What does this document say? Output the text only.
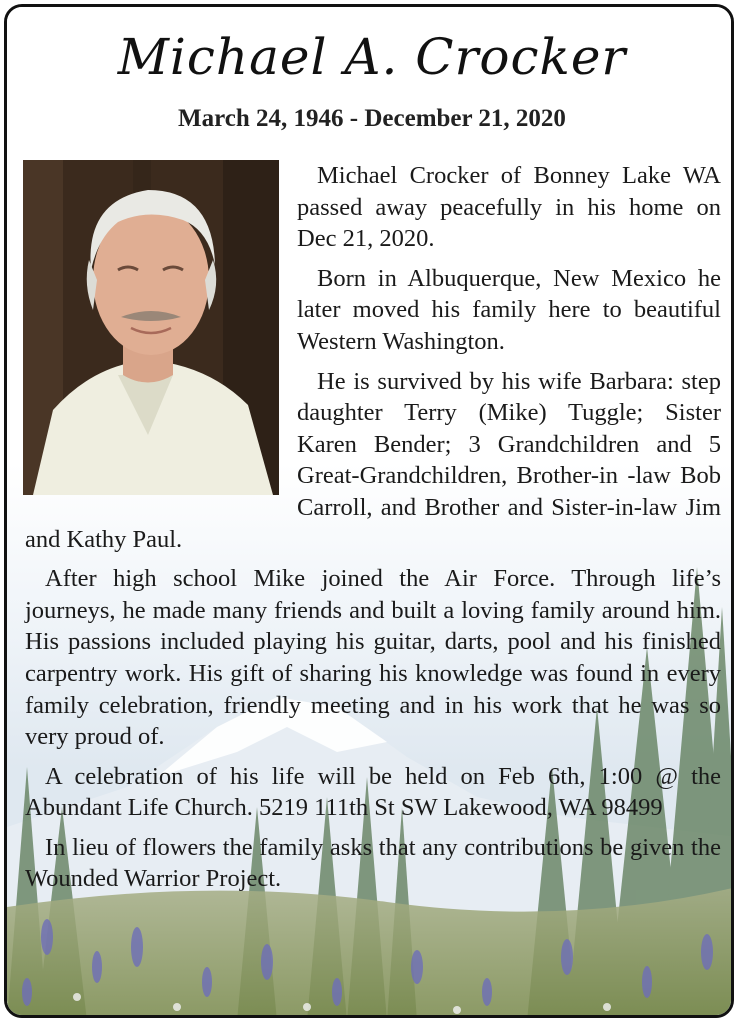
Michael A. Crocker
March 24, 1946 - December 21, 2020

Michael Crocker of Bonney Lake WA passed away peacefully in his home on Dec 21, 2020.

Born in Albuquerque, New Mexico he later moved his family here to beautiful Western Washington.

He is survived by his wife Barbara: step daughter Terry (Mike) Tuggle; Sister Karen Bender; 3 Grandchildren and 5 Great-Grandchildren, Brother-in -law Bob Carroll, and Brother and Sister-in-law Jim and Kathy Paul.

After high school Mike joined the Air Force. Through life’s journeys, he made many friends and built a loving family around him. His passions included playing his guitar, darts, pool and his finished carpentry work. His gift of sharing his knowledge was found in every family celebration, friendly meeting and in his work that he was so very proud of.

A celebration of his life will be held on Feb 6th, 1:00 @ the Abundant Life Church. 5219 111th St SW Lakewood, WA 98499

In lieu of flowers the family asks that any contributions be given the Wounded Warrior Project.
